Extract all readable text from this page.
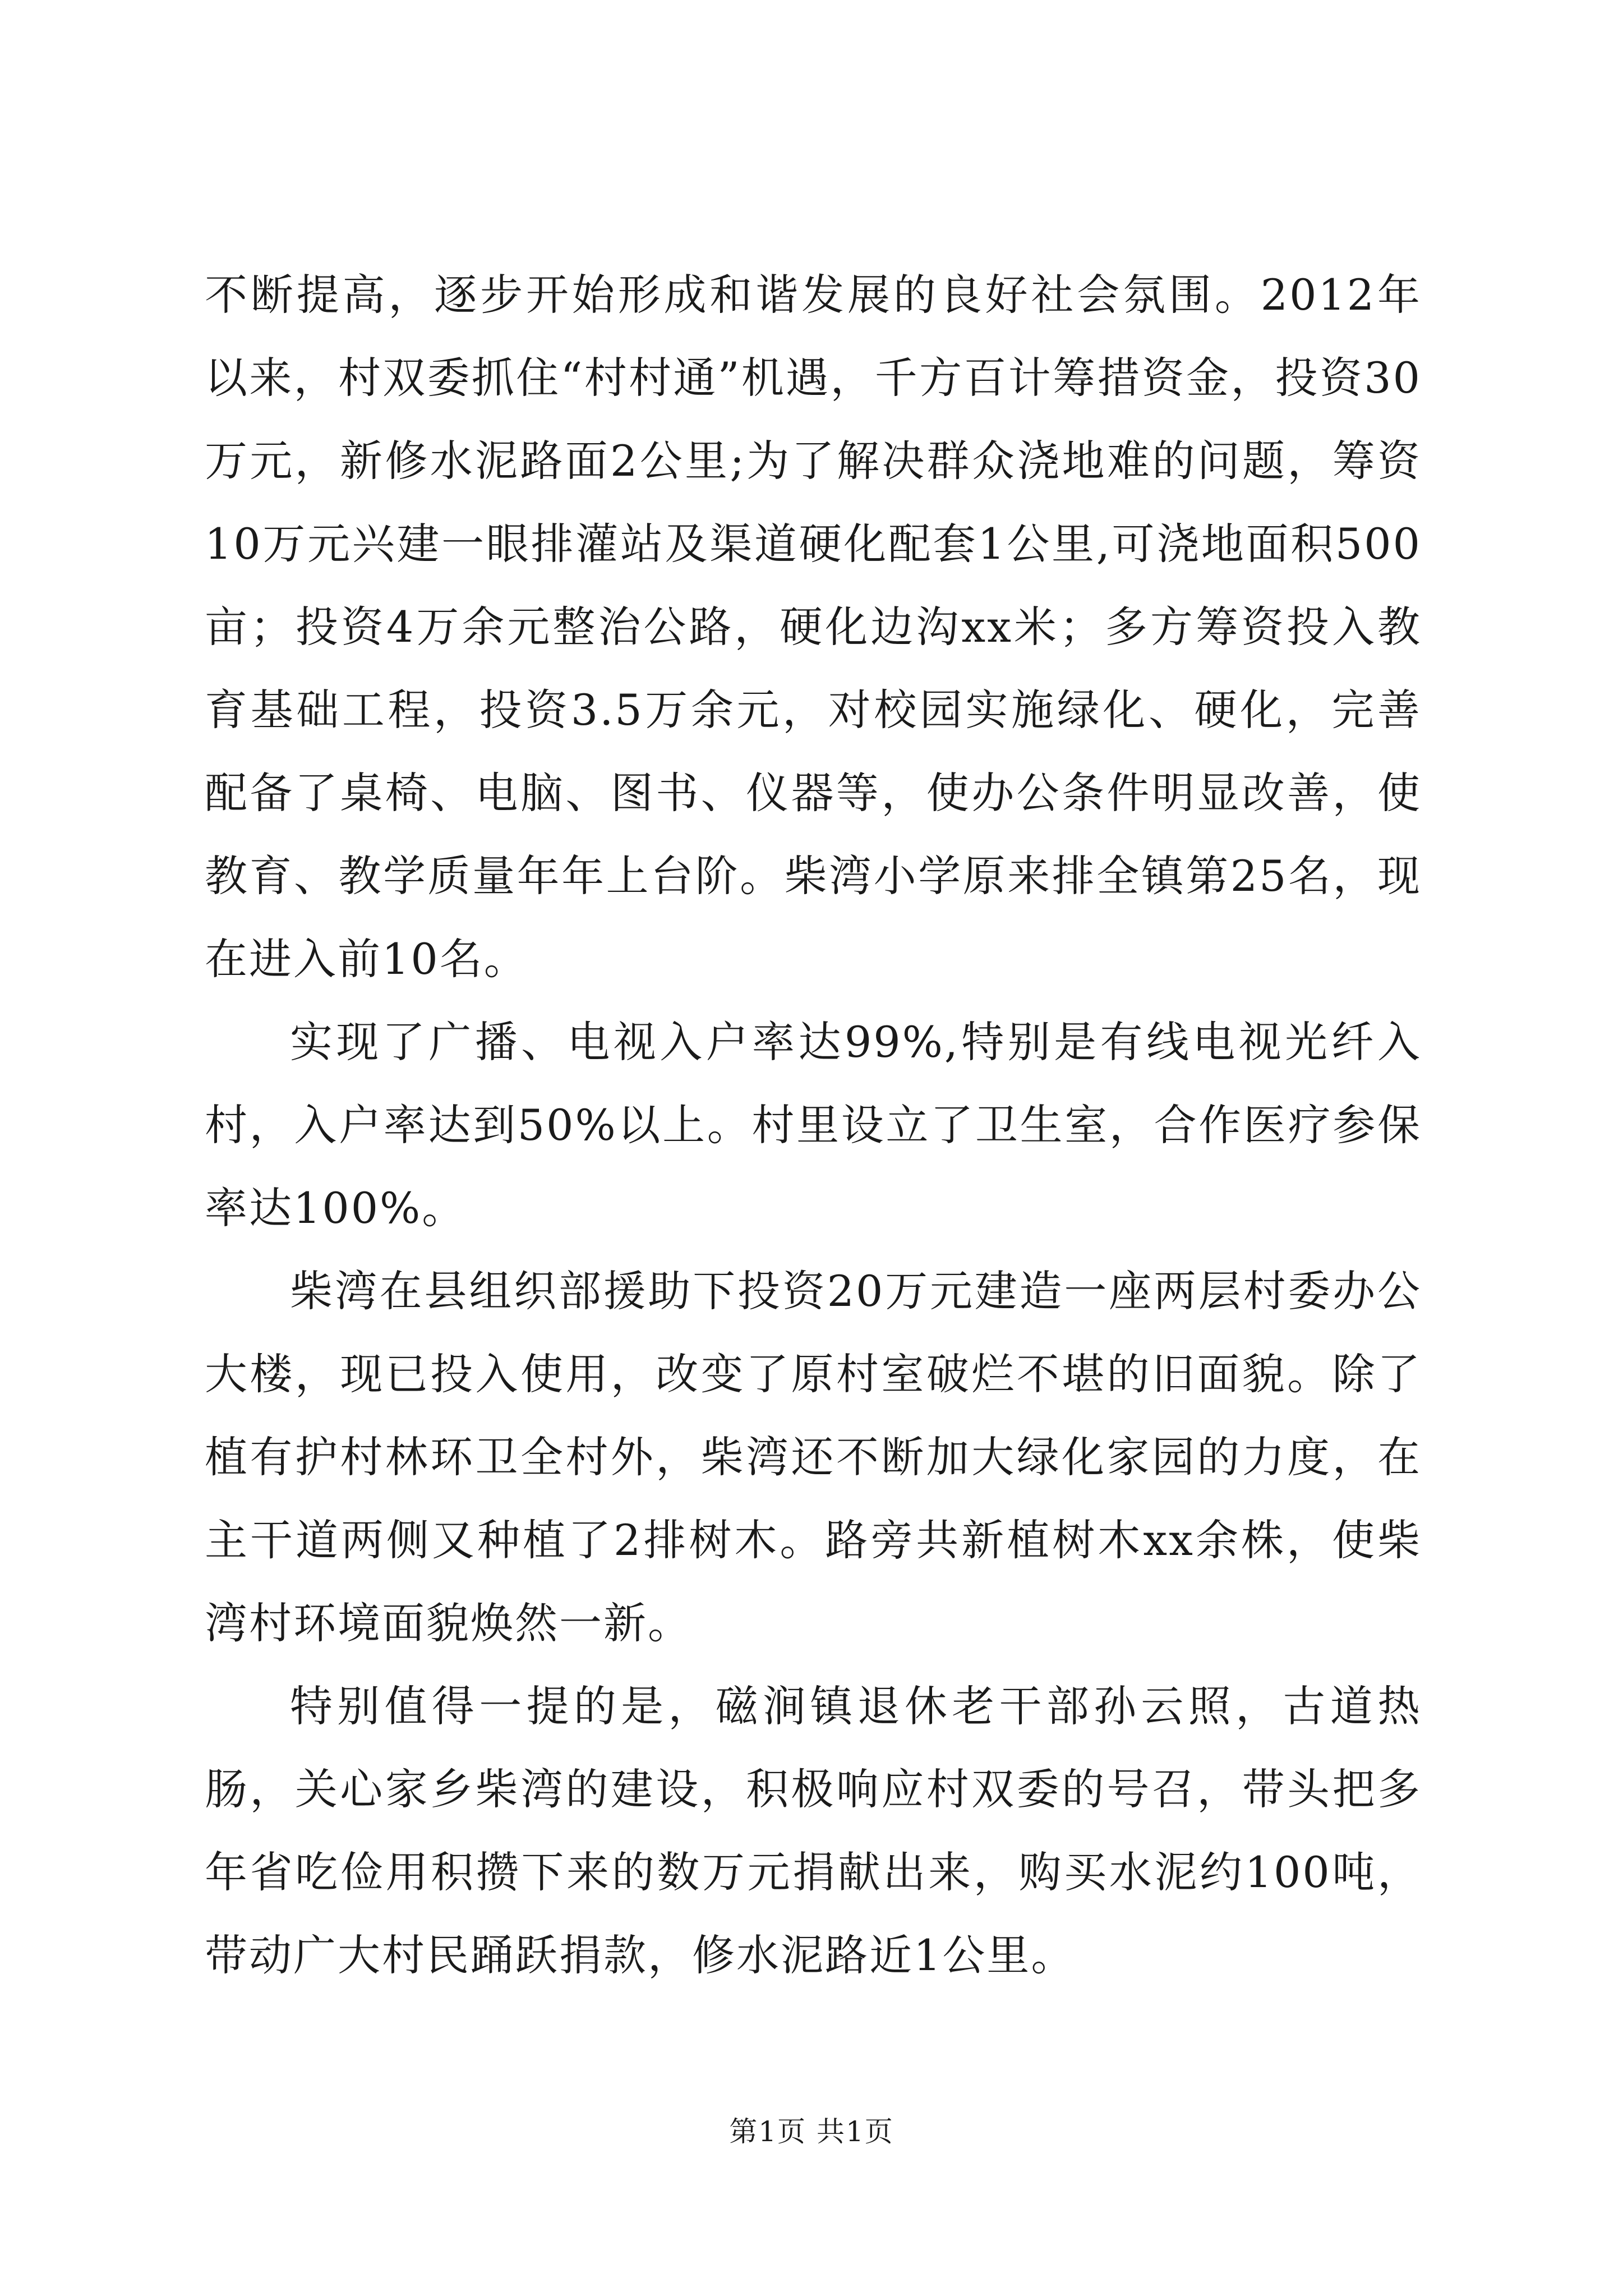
不断提高，逐步开始形成和谐发展的良好社会氛围。2012年以来，村双委抓住“村村通”机遇，千方百计筹措资金，投资30万元，新修水泥路面2公里;为了解决群众浇地难的问题，筹资10万元兴建一眼排灌站及渠道硬化配套1公里,可浇地面积500亩；投资4万余元整治公路，硬化边沟xx米；多方筹资投入教育基础工程，投资3.5万余元，对校园实施绿化、硬化，完善配备了桌椅、电脑、图书、仪器等，使办公条件明显改善，使教育、教学质量年年上台阶。柴湾小学原来排全镇第25名，现在进入前10名。

实现了广播、电视入户率达99%,特别是有线电视光纤入村，入户率达到50%以上。村里设立了卫生室，合作医疗参保率达100%。

柴湾在县组织部援助下投资20万元建造一座两层村委办公大楼，现已投入使用，改变了原村室破烂不堪的旧面貌。除了植有护村林环卫全村外，柴湾还不断加大绿化家园的力度，在主干道两侧又种植了2排树木。路旁共新植树木xx余株，使柴湾村环境面貌焕然一新。

特别值得一提的是，磁涧镇退休老干部孙云照，古道热肠，关心家乡柴湾的建设，积极响应村双委的号召，带头把多年省吃俭用积攒下来的数万元捐献出来，购买水泥约100吨，带动广大村民踊跃捐款，修水泥路近1公里。

第1页 共1页
